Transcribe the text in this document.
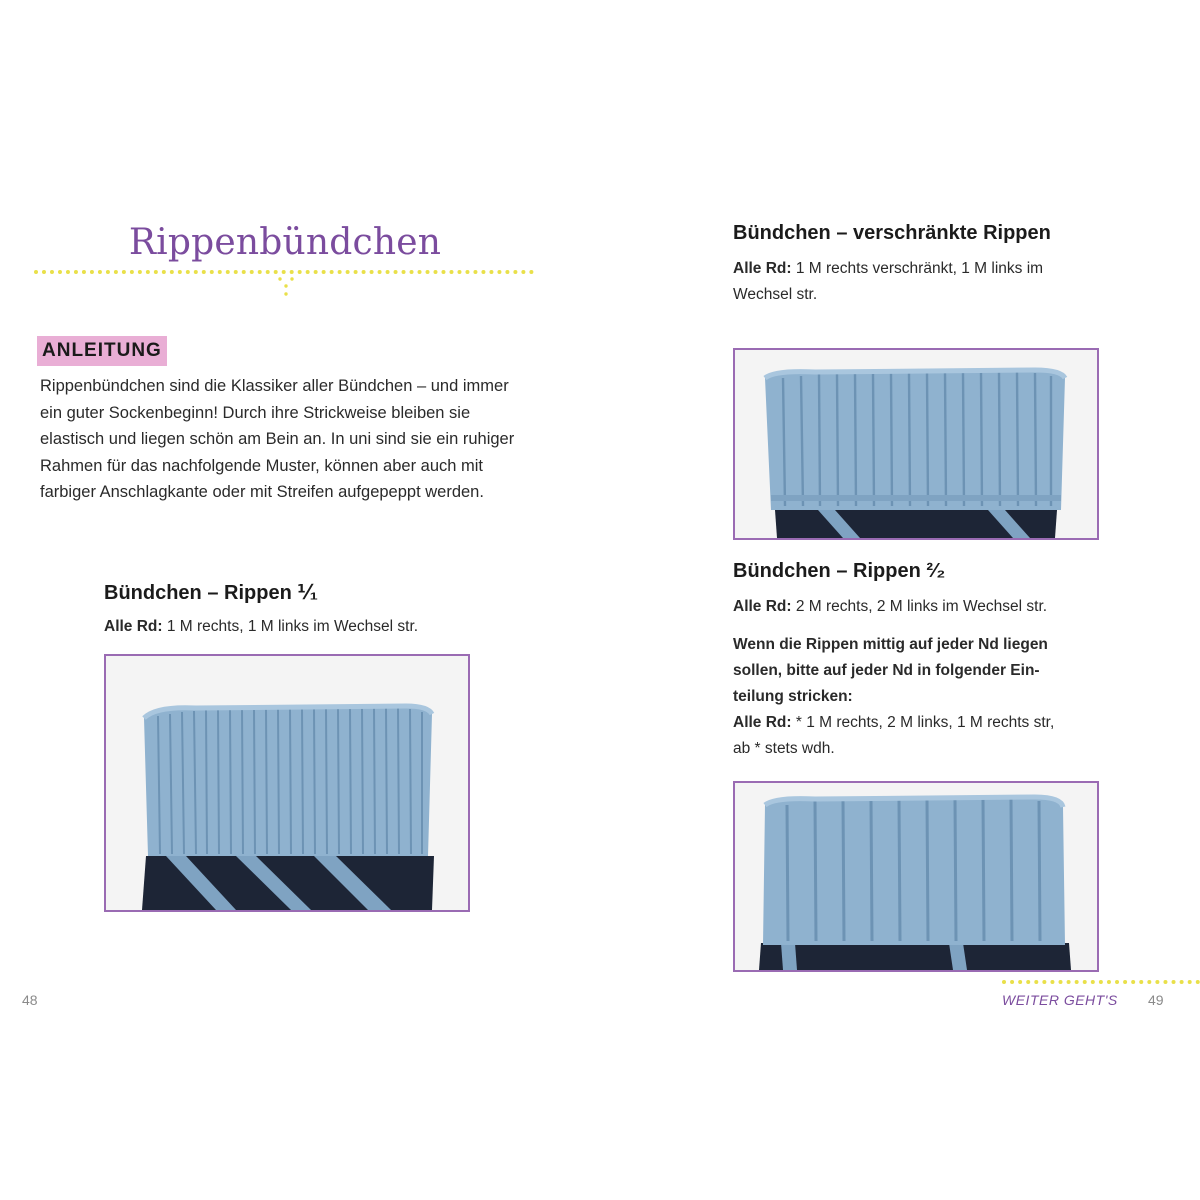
Rippenbündchen
ANLEITUNG
Rippenbündchen sind die Klassiker aller Bündchen – und immer
ein guter Sockenbeginn! Durch ihre Strickweise bleiben sie
elastisch und liegen schön am Bein an. In uni sind sie ein ruhiger
Rahmen für das nachfolgende Muster, können aber auch mit
farbiger Anschlagkante oder mit Streifen aufgepeppt werden.
Bündchen – Rippen ⅟₁
Alle Rd: 1 M rechts, 1 M links im Wechsel str.
48
Bündchen – verschränkte Rippen
Alle Rd: 1 M rechts verschränkt, 1 M links im
Wechsel str.
Bündchen – Rippen ²⁄₂
Alle Rd: 2 M rechts, 2 M links im Wechsel str.
Wenn die Rippen mittig auf jeder Nd liegen
sollen, bitte auf jeder Nd in folgender Ein-
teilung stricken:
Alle Rd: * 1 M rechts, 2 M links, 1 M rechts str,
ab * stets wdh.
WEITER GEHT'S 49
